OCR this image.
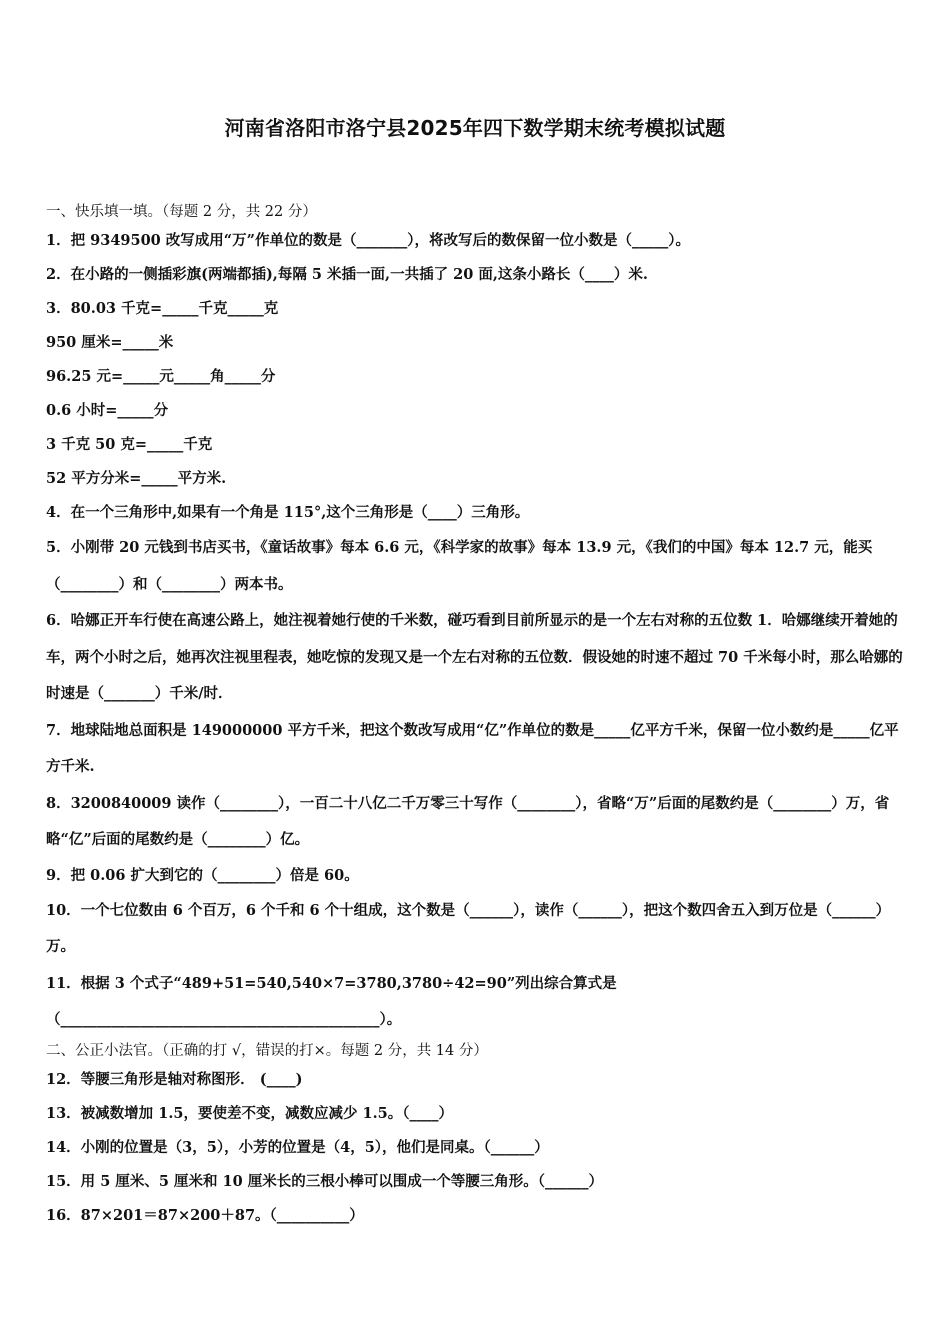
河南省洛阳市洛宁县2025年四下数学期末统考模拟试题
一、快乐填一填。（每题 2 分，共 22 分）
1．把 9349500 改写成用“万”作单位的数是（_______），将改写后的数保留一位小数是（_____）。
2．在小路的一侧插彩旗(两端都插),每隔 5 米插一面,一共插了 20 面,这条小路长（____）米.
3．80.03 千克=_____千克_____克
950 厘米=_____米
96.25 元=_____元_____角_____分
0.6 小时=_____分
3 千克 50 克=_____千克
52 平方分米=_____平方米.
4．在一个三角形中,如果有一个角是 115°,这个三角形是（____）三角形。
5．小刚带 20 元钱到书店买书，《童话故事》每本 6.6 元，《科学家的故事》每本 13.9 元，《我们的中国》每本 12.7 元，能买（________）和（________）两本书。
6．哈娜正开车行使在高速公路上，她注视着她行使的千米数，碰巧看到目前所显示的是一个左右对称的五位数 1．哈娜继续开着她的车，两个小时之后，她再次注视里程表，她吃惊的发现又是一个左右对称的五位数．假设她的时速不超过 70 千米每小时，那么哈娜的时速是（_______）千米/时．
7．地球陆地总面积是 149000000 平方千米，把这个数改写成用“亿”作单位的数是_____亿平方千米，保留一位小数约是_____亿平方千米.
8．3200840009 读作（________），一百二十八亿二千万零三十写作（________），省略“万”后面的尾数约是（________）万，省略“亿”后面的尾数约是（________）亿。
9．把 0.06 扩大到它的（________）倍是 60。
10．一个七位数由 6 个百万，6 个千和 6 个十组成，这个数是（______），读作（______），把这个数四舍五入到万位是（______）万。
11．根据 3 个式子“489+51=540,540×7=3780,3780÷42=90”列出综合算式是（____________________________________________）。
二、公正小法官。（正确的打 √，错误的打×。每题 2 分，共 14 分）
12．等腰三角形是轴对称图形． (____)
13．被减数增加 1.5，要使差不变，减数应减少 1.5。（____）
14．小刚的位置是（3，5），小芳的位置是（4，5），他们是同桌。（______）
15．用 5 厘米、5 厘米和 10 厘米长的三根小棒可以围成一个等腰三角形。（______）
16．87×201＝87×200＋87。（__________）
